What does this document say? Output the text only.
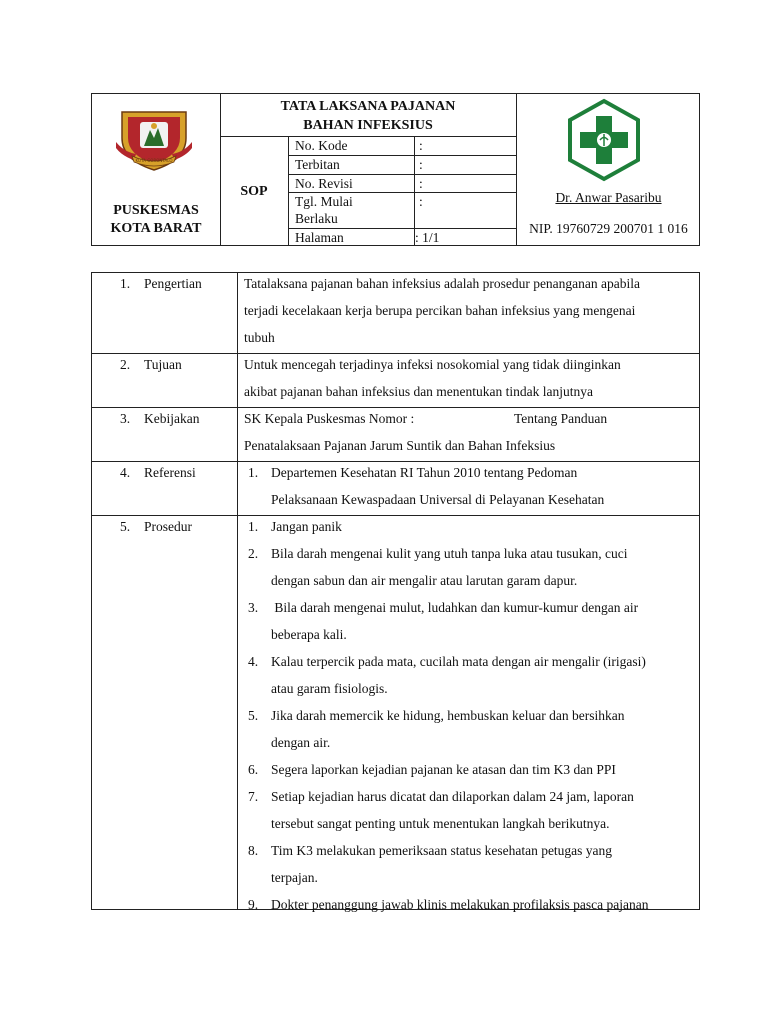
KOTA GORONTALO
PUSKESMAS
KOTA BARAT
TATA LAKSANA PAJANAN
BAHAN INFEKSIUS
SOP
No. Kode	:
Terbitan	:
No. Revisi	:
Tgl. Mulai Berlaku
:
Halaman	: 1/1
Dr. Anwar Pasaribu
NIP. 19760729 200701 1 016
1. Pengertian	Tatalaksana pajanan bahan infeksius adalah prosedur penanganan apabila
terjadi kecelakaan kerja berupa percikan bahan infeksius yang mengenai
tubuh
2. Tujuan	Untuk mencegah terjadinya infeksi nosokomial yang tidak diinginkan
akibat pajanan bahan infeksius dan menentukan tindak lanjutnya
3. Kebijakan	SK Kepala Puskesmas Nomor :	Tentang Panduan
Penatalaksaan Pajanan Jarum Suntik dan Bahan Infeksius
4. Referensi	1. Departemen Kesehatan RI Tahun 2010 tentang Pedoman
Pelaksanaan Kewaspadaan Universal di Pelayanan Kesehatan
5. Prosedur	1. Jangan panik
2. Bila darah mengenai kulit yang utuh tanpa luka atau tusukan, cuci
dengan sabun dan air mengalir atau larutan garam dapur.
3. Bila darah mengenai mulut, ludahkan dan kumur-kumur dengan air
beberapa kali.
4. Kalau terpercik pada mata, cucilah mata dengan air mengalir (irigasi)
atau garam fisiologis.
5. Jika darah memercik ke hidung, hembuskan keluar dan bersihkan
dengan air.
6. Segera laporkan kejadian pajanan ke atasan dan tim K3 dan PPI
7. Setiap kejadian harus dicatat dan dilaporkan dalam 24 jam, laporan
tersebut sangat penting untuk menentukan langkah berikutnya.
8. Tim K3 melakukan pemeriksaan status kesehatan petugas yang
terpajan.
9. Dokter penanggung jawab klinis melakukan profilaksis pasca pajanan
